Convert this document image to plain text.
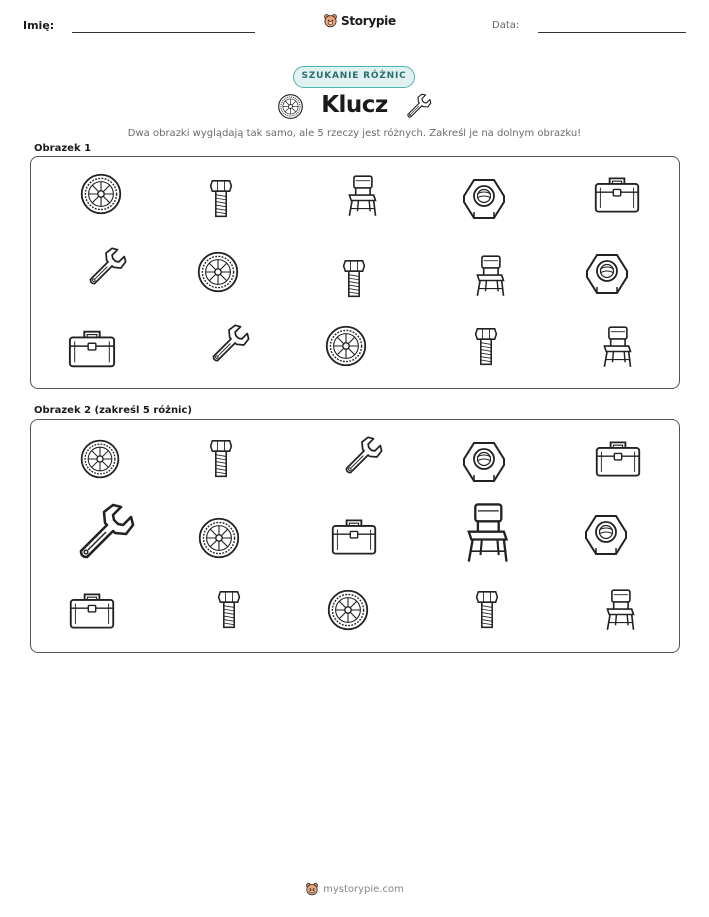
Imię:	Storypie	Data:
SZUKANIE RÓŻNIC
Klucz
Dwa obrazki wyglądają tak samo, ale 5 rzeczy jest różnych. Zakreśl je na dolnym obrazku!
Obrazek 1
Obrazek 2 (zakreśl 5 różnic)
mystorypie.com
